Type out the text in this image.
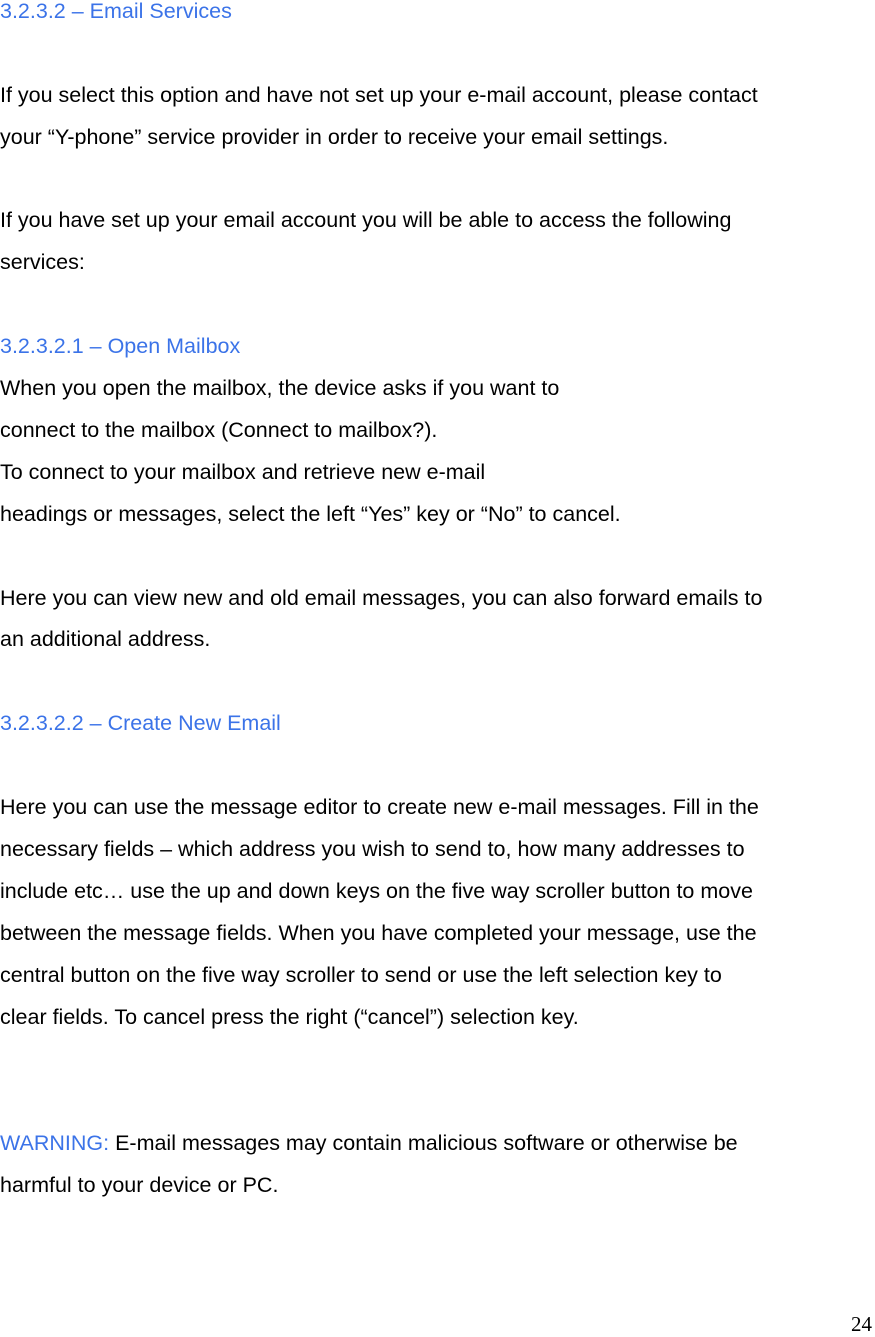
3.2.3.2 – Email Services
If you select this option and have not set up your e-mail account, please contact
your “Y-phone” service provider in order to receive your email settings.
If you have set up your email account you will be able to access the following
services:
3.2.3.2.1 – Open Mailbox
When you open the mailbox, the device asks if you want to
connect to the mailbox (Connect to mailbox?).
To connect to your mailbox and retrieve new e-mail
headings or messages, select the left “Yes” key or “No” to cancel.
Here you can view new and old email messages, you can also forward emails to
an additional address.
3.2.3.2.2 – Create New Email
Here you can use the message editor to create new e-mail messages. Fill in the
necessary fields – which address you wish to send to, how many addresses to
include etc… use the up and down keys on the five way scroller button to move
between the message fields. When you have completed your message, use the
central button on the five way scroller to send or use the left selection key to
clear fields. To cancel press the right (“cancel”) selection key.
WARNING: E-mail messages may contain malicious software or otherwise be
harmful to your device or PC.
24
